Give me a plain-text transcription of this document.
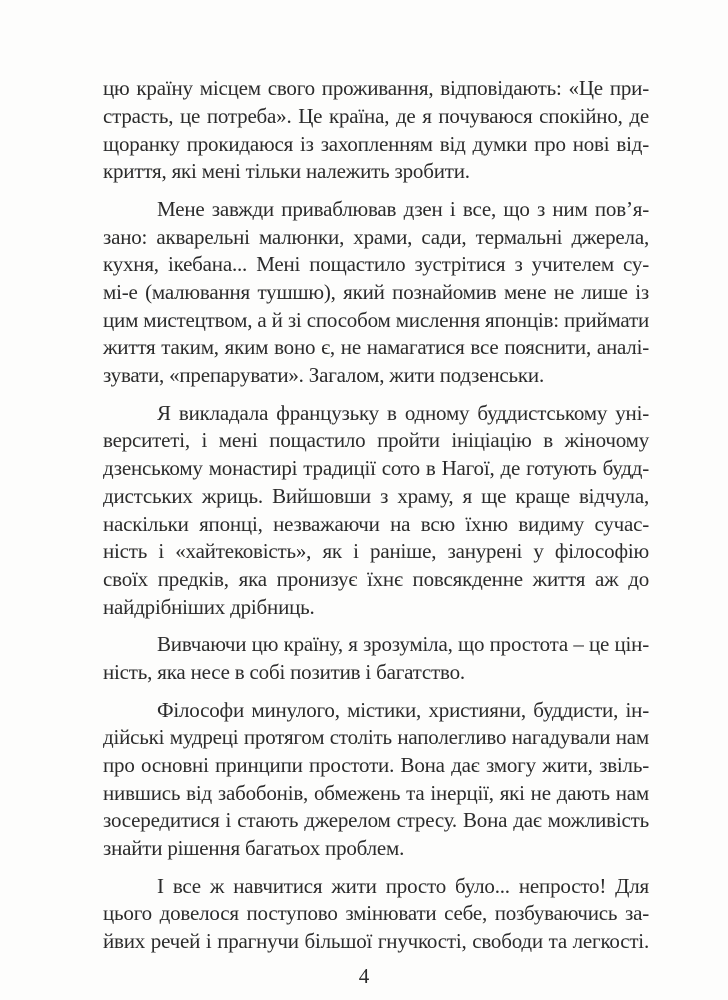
цю країну місцем свого проживання, відповідають: «Це при-
страсть, це потреба». Це країна, де я почуваюся спокійно, де
щоранку прокидаюся із захопленням від думки про нові від-
криття, які мені тільки належить зробити.
Мене завжди приваблював дзен і все, що з ним пов’я-
зано: акварельні малюнки, храми, сади, термальні джерела,
кухня, ікебана... Мені пощастило зустрітися з учителем су-
мі-е (малювання тушшю), який познайомив мене не лише із
цим мистецтвом, а й зі способом мислення японців: приймати
життя таким, яким воно є, не намагатися все пояснити, аналі-
зувати, «препарувати». Загалом, жити подзенськи.
Я викладала французьку в одному буддистському уні-
верситеті, і мені пощастило пройти ініціацію в жіночому
дзенському монастирі традиції сото в Нагої, де готують будд-
дистських жриць. Вийшовши з храму, я ще краще відчула,
наскільки японці, незважаючи на всю їхню видиму сучас-
ність і «хайтековість», як і раніше, занурені у філософію
своїх предків, яка пронизує їхнє повсякденне життя аж до
найдрібніших дрібниць.
Вивчаючи цю країну, я зрозуміла, що простота – це цін-
ність, яка несе в собі позитив і багатство.
Філософи минулого, містики, християни, буддисти, ін-
дійські мудреці протягом століть наполегливо нагадували нам
про основні принципи простоти. Вона дає змогу жити, звіль-
нившись від забобонів, обмежень та інерції, які не дають нам
зосередитися і стають джерелом стресу. Вона дає можливість
знайти рішення багатьох проблем.
І все ж навчитися жити просто було... непросто! Для
цього довелося поступово змінювати себе, позбуваючись за-
йвих речей і прагнучи більшої гнучкості, свободи та легкості.
4
